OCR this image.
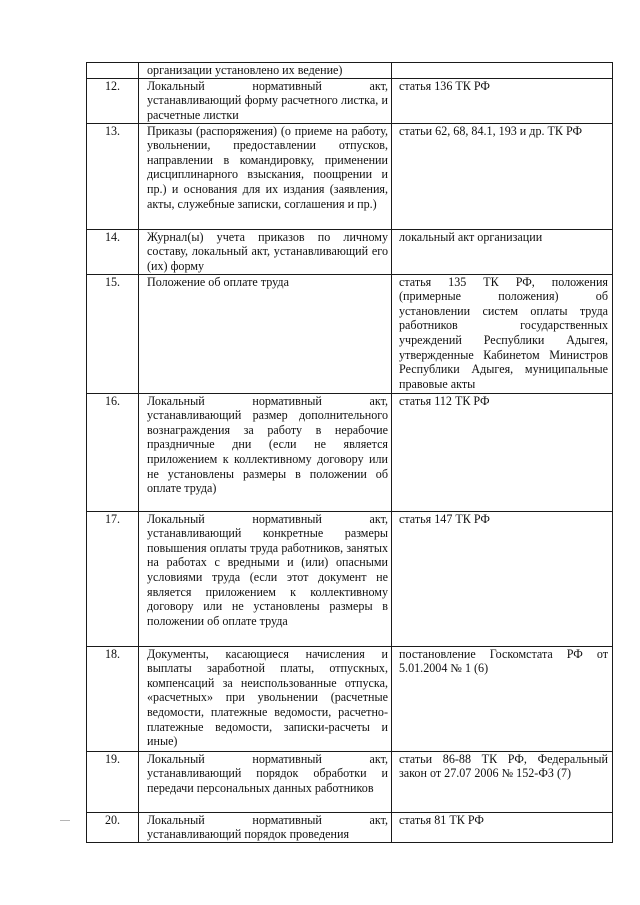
	организации установлено их ведение)	
12.	Локальный нормативный акт, устанавливающий форму расчетного листка, и расчетные листки	статья 136 ТК РФ
13.	Приказы (распоряжения) (о приеме на работу, увольнении, предоставлении отпусков, направлении в командировку, применении дисциплинарного взыскания, поощрении и пр.) и основания для их издания (заявления, акты, служебные записки, соглашения и пр.)	статьи 62, 68, 84.1, 193 и др. ТК РФ
14.	Журнал(ы) учета приказов по личному составу, локальный акт, устанавливающий его (их) форму	локальный акт организации
15.	Положение об оплате труда	статья 135 ТК РФ, положения (примерные положения) об установлении систем оплаты труда работников государственных учреждений Республики Адыгея, утвержденные Кабинетом Министров Республики Адыгея, муниципальные правовые акты
16.	Локальный нормативный акт, устанавливающий размер дополнительного вознаграждения за работу в нерабочие праздничные дни (если не является приложением к коллективному договору или не установлены размеры в положении об оплате труда)	статья 112 ТК РФ
17.	Локальный нормативный акт, устанавливающий конкретные размеры повышения оплаты труда работников, занятых на работах с вредными и (или) опасными условиями труда (если этот документ не является приложением к коллективному договору или не установлены размеры в положении об оплате труда	статья 147 ТК РФ
18.	Документы, касающиеся начисления и выплаты заработной платы, отпускных, компенсаций за неиспользованные отпуска, «расчетных» при увольнении (расчетные ведомости, платежные ведомости, расчетно-платежные ведомости, записки-расчеты и иные)	постановление Госкомстата РФ от 5.01.2004 № 1 (6)
19.	Локальный нормативный акт, устанавливающий порядок обработки и передачи персональных данных работников	статьи 86-88 ТК РФ, Федеральный закон от 27.07 2006 № 152-ФЗ (7)
20.	Локальный нормативный акт, устанавливающий порядок проведения	статья 81 ТК РФ
